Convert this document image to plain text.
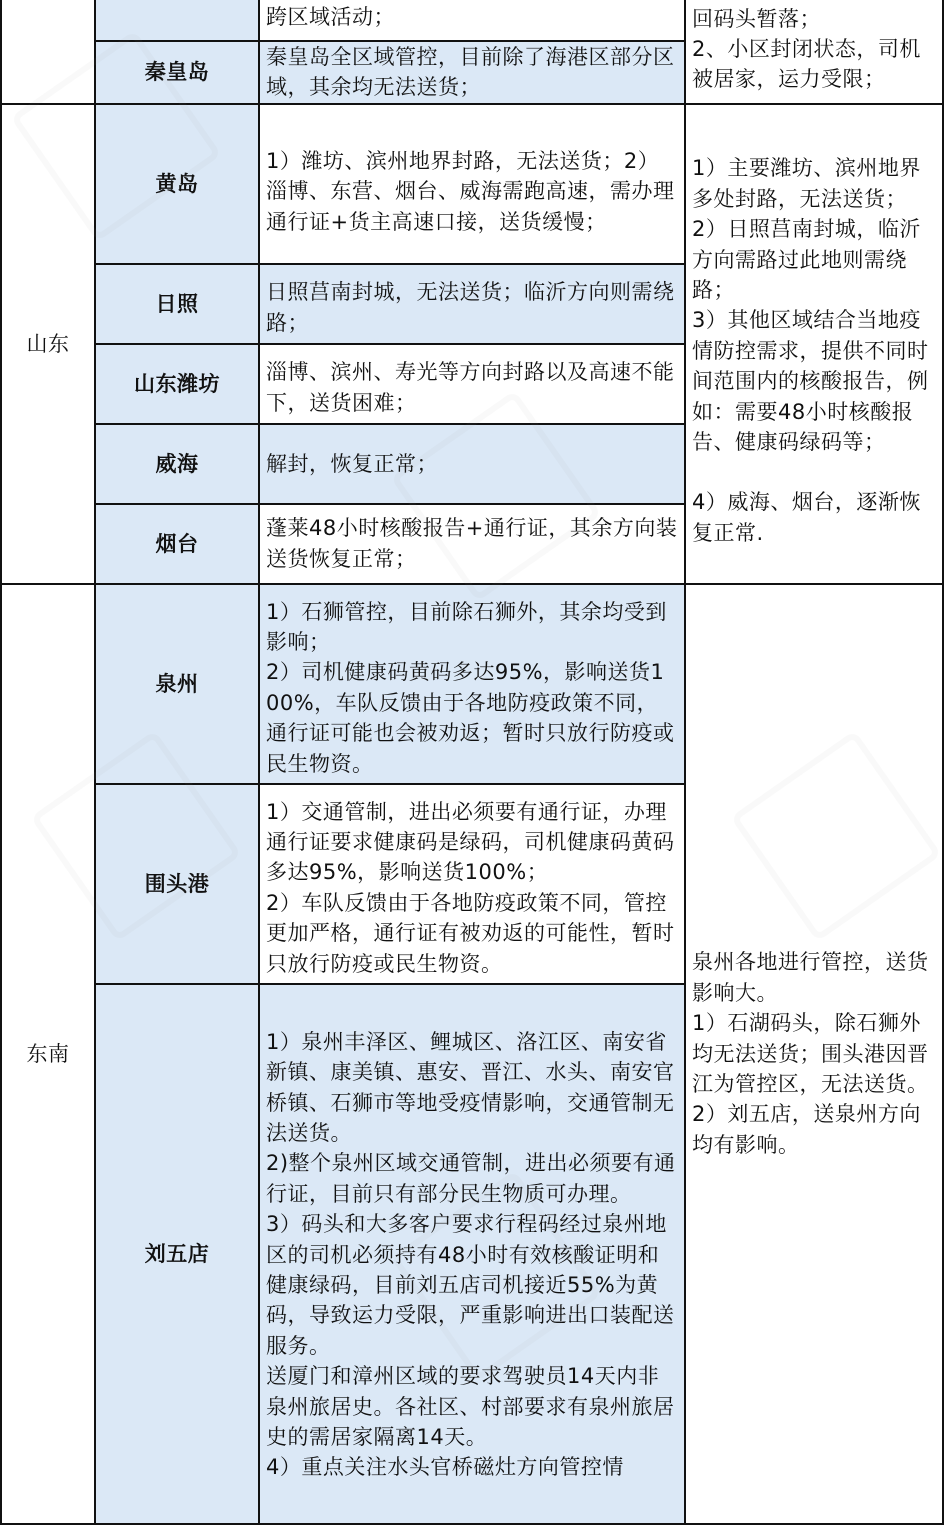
		跨区域活动；	回码头暂落；
2、小区封闭状态，司机被居家，运力受限；

	秦皇岛	秦皇岛全区域管控，目前除了海港区部分区域，其余均无法送货；	

山东	黄岛	1）潍坊、滨州地界封路，无法送货；2）淄博、东营、烟台、威海需跑高速，需办理通行证+货主高速口接，送货缓慢；	1）主要潍坊、滨州地界多处封路，无法送货；
2）日照莒南封城，临沂方向需路过此地则需绕路；
3）其他区域结合当地疫情防控需求，提供不同时间范围内的核酸报告，例如：需要48小时核酸报告、健康码绿码等；
4）威海、烟台，逐渐恢复正常.

	日照	日照莒南封城，无法送货；临沂方向则需绕路；	

	山东潍坊	淄博、滨州、寿光等方向封路以及高速不能下，送货困难；	

	威海	解封，恢复正常；	

	烟台	蓬莱48小时核酸报告+通行证，其余方向装送货恢复正常；	

东南	泉州	1）石狮管控，目前除石狮外，其余均受到影响；
2）司机健康码黄码多达95%，影响送货100%，车队反馈由于各地防疫政策不同，通行证可能也会被劝返；暂时只放行防疫或民生物资。	泉州各地进行管控，送货影响大。
1）石湖码头，除石狮外均无法送货；围头港因晋江为管控区，无法送货。
2）刘五店，送泉州方向均有影响。

	围头港	1）交通管制，进出必须要有通行证，办理通行证要求健康码是绿码，司机健康码黄码多达95%，影响送货100%；
2）车队反馈由于各地防疫政策不同，管控更加严格，通行证有被劝返的可能性，暂时只放行防疫或民生物资。	

	刘五店	1）泉州丰泽区、鲤城区、洛江区、南安省新镇、康美镇、惠安、晋江、水头、南安官桥镇、石狮市等地受疫情影响，交通管制无法送货。
2)整个泉州区域交通管制，进出必须要有通行证，目前只有部分民生物质可办理。
3）码头和大多客户要求行程码经过泉州地区的司机必须持有48小时有效核酸证明和健康绿码，目前刘五店司机接近55%为黄码，导致运力受限，严重影响进出口装配送服务。
送厦门和漳州区域的要求驾驶员14天内非泉州旅居史。各社区、村部要求有泉州旅居史的需居家隔离14天。
4）重点关注水头官桥磁灶方向管控情	
